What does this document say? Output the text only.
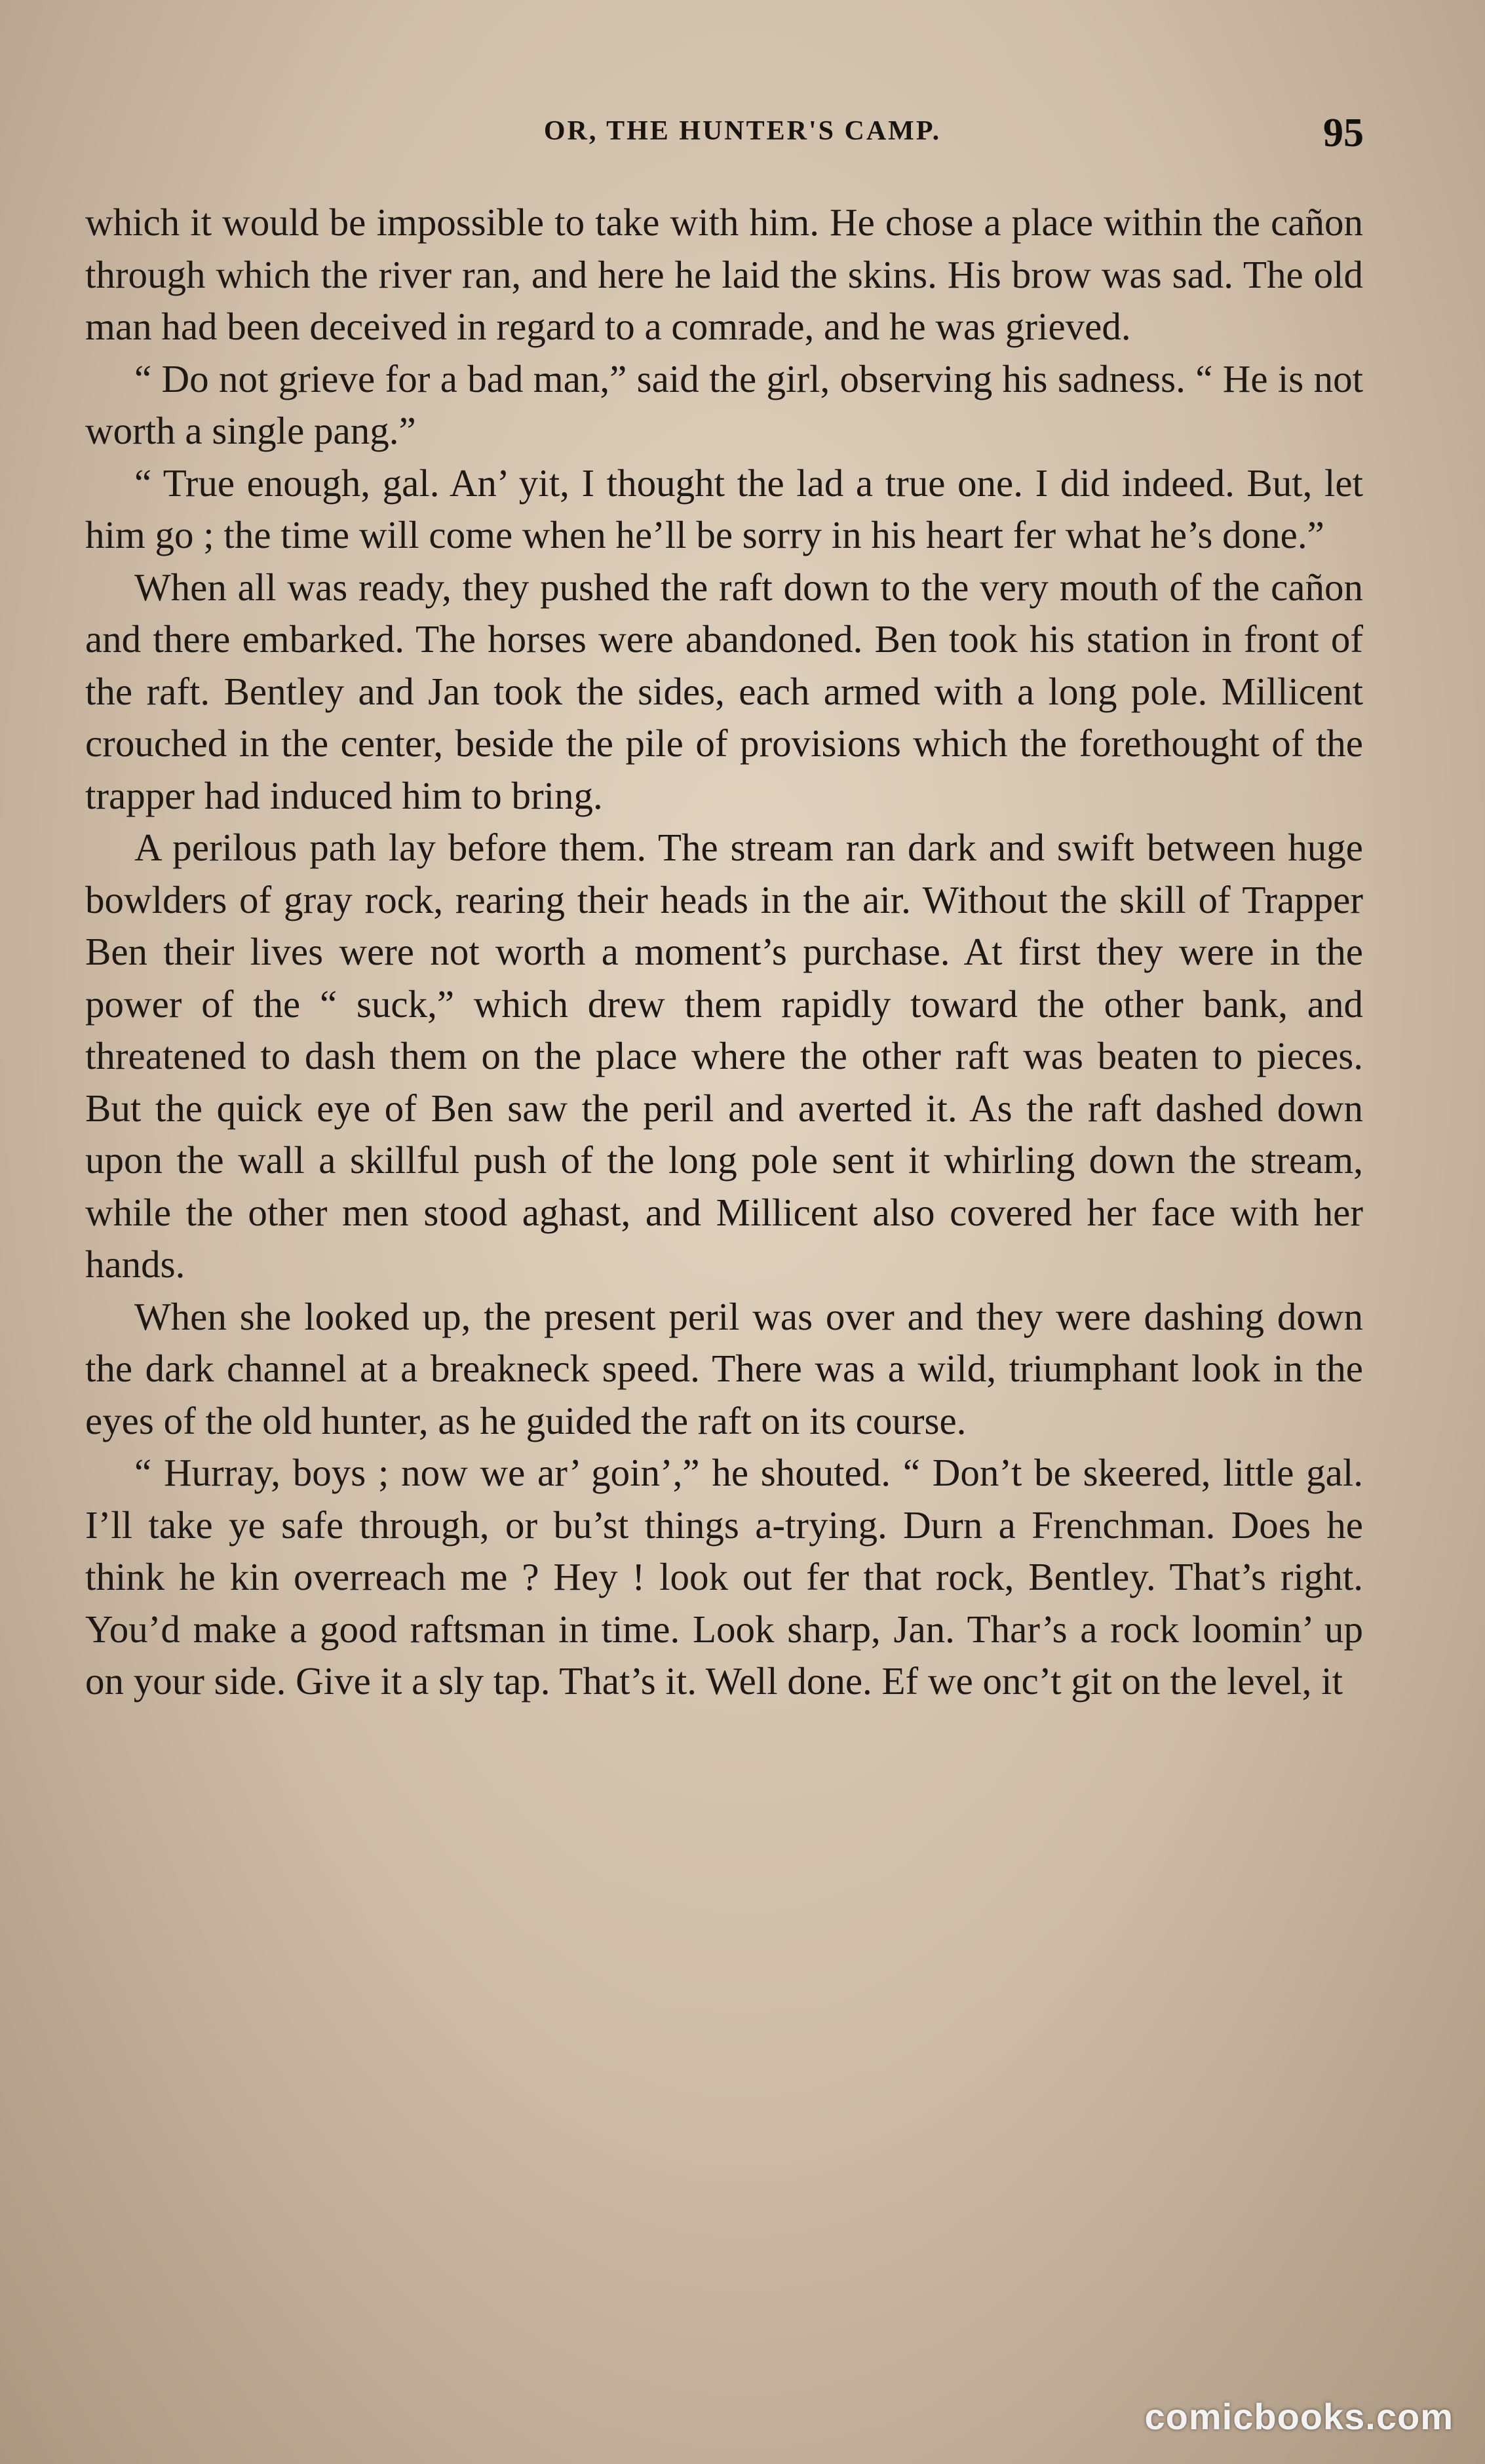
OR, THE HUNTER'S CAMP.	95

which it would be impossible to take with him. He chose a place within the cañon through which the river ran, and here he laid the skins. His brow was sad. The old man had been deceived in regard to a comrade, and he was grieved.

“ Do not grieve for a bad man,” said the girl, observing his sadness. “ He is not worth a single pang.”

“ True enough, gal. An’ yit, I thought the lad a true one. I did indeed. But, let him go ; the time will come when he’ll be sorry in his heart fer what he’s done.”

When all was ready, they pushed the raft down to the very mouth of the cañon and there embarked. The horses were abandoned. Ben took his station in front of the raft. Bentley and Jan took the sides, each armed with a long pole. Millicent crouched in the center, beside the pile of provisions which the forethought of the trapper had induced him to bring.

A perilous path lay before them. The stream ran dark and swift between huge bowlders of gray rock, rearing their heads in the air. Without the skill of Trapper Ben their lives were not worth a moment’s purchase. At first they were in the power of the “ suck,” which drew them rapidly toward the other bank, and threatened to dash them on the place where the other raft was beaten to pieces. But the quick eye of Ben saw the peril and averted it. As the raft dashed down upon the wall a skillful push of the long pole sent it whirling down the stream, while the other men stood aghast, and Millicent also covered her face with her hands.

When she looked up, the present peril was over and they were dashing down the dark channel at a breakneck speed. There was a wild, triumphant look in the eyes of the old hunter, as he guided the raft on its course.

“ Hurray, boys ; now we ar’ goin’,” he shouted. “ Don’t be skeered, little gal. I’ll take ye safe through, or bu’st things a-trying. Durn a Frenchman. Does he think he kin overreach me ? Hey ! look out fer that rock, Bentley. That’s right. You’d make a good raftsman in time. Look sharp, Jan. Thar’s a rock loomin’ up on your side. Give it a sly tap. That’s it. Well done. Ef we onc’t git on the level, it

comicbooks.com
